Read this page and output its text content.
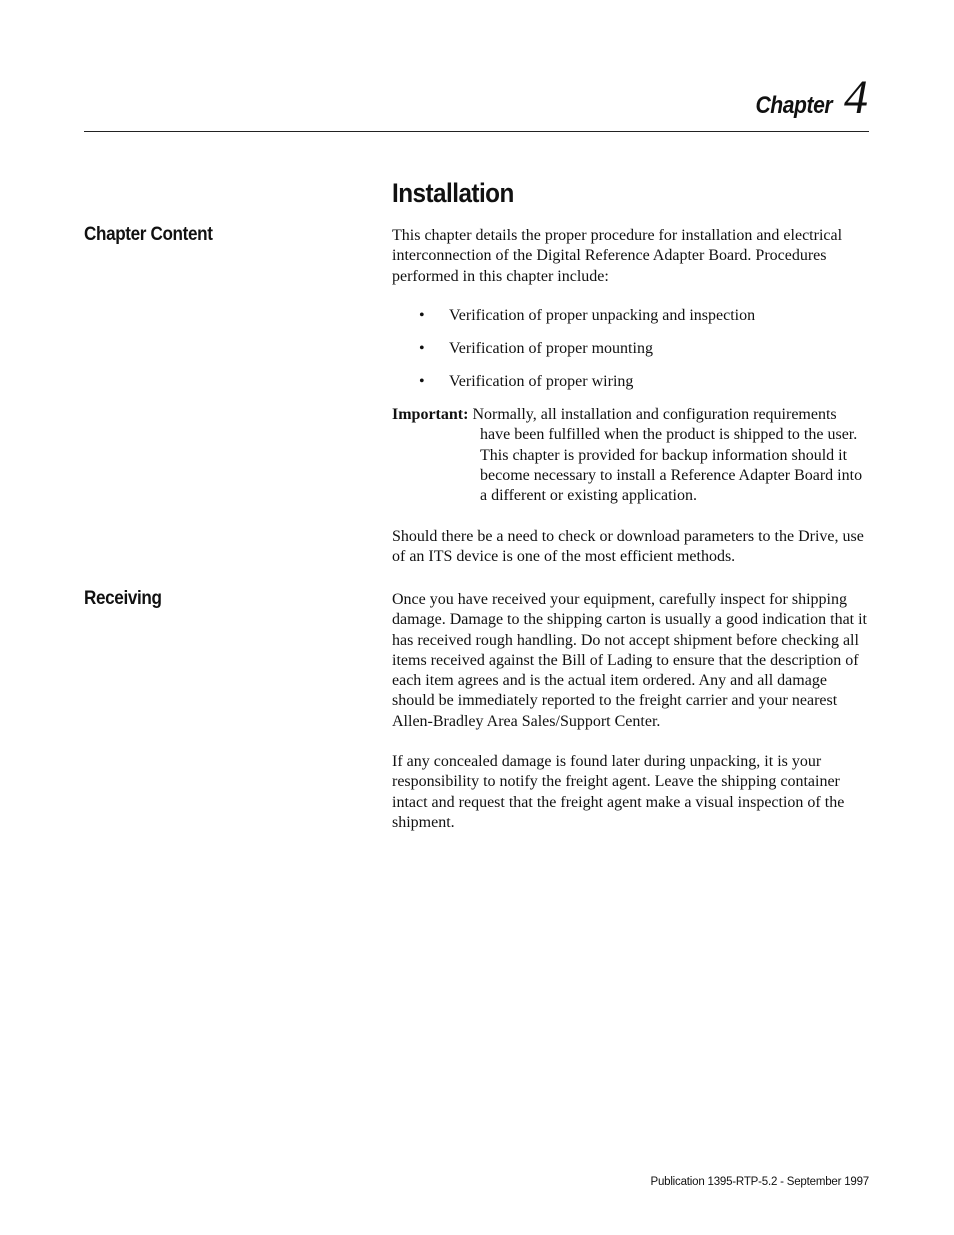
Chapter 4
Installation
Chapter Content	This chapter details the proper procedure for installation and electrical interconnection of the Digital Reference Adapter Board. Procedures performed in this chapter include:

• Verification of proper unpacking and inspection
• Verification of proper mounting
• Verification of proper wiring
Important: Normally, all installation and configuration requirements have been fulfilled when the product is shipped to the user. This chapter is provided for backup information should it become necessary to install a Reference Adapter Board into a different or existing application.

Should there be a need to check or download parameters to the Drive, use of an ITS device is one of the most efficient methods.

Receiving	Once you have received your equipment, carefully inspect for shipping damage. Damage to the shipping carton is usually a good indication that it has received rough handling. Do not accept shipment before checking all items received against the Bill of Lading to ensure that the description of each item agrees and is the actual item ordered. Any and all damage should be immediately reported to the freight carrier and your nearest Allen-Bradley Area Sales/Support Center.

If any concealed damage is found later during unpacking, it is your responsibility to notify the freight agent. Leave the shipping container intact and request that the freight agent make a visual inspection of the shipment.

Publication 1395-RTP-5.2 - September 1997
